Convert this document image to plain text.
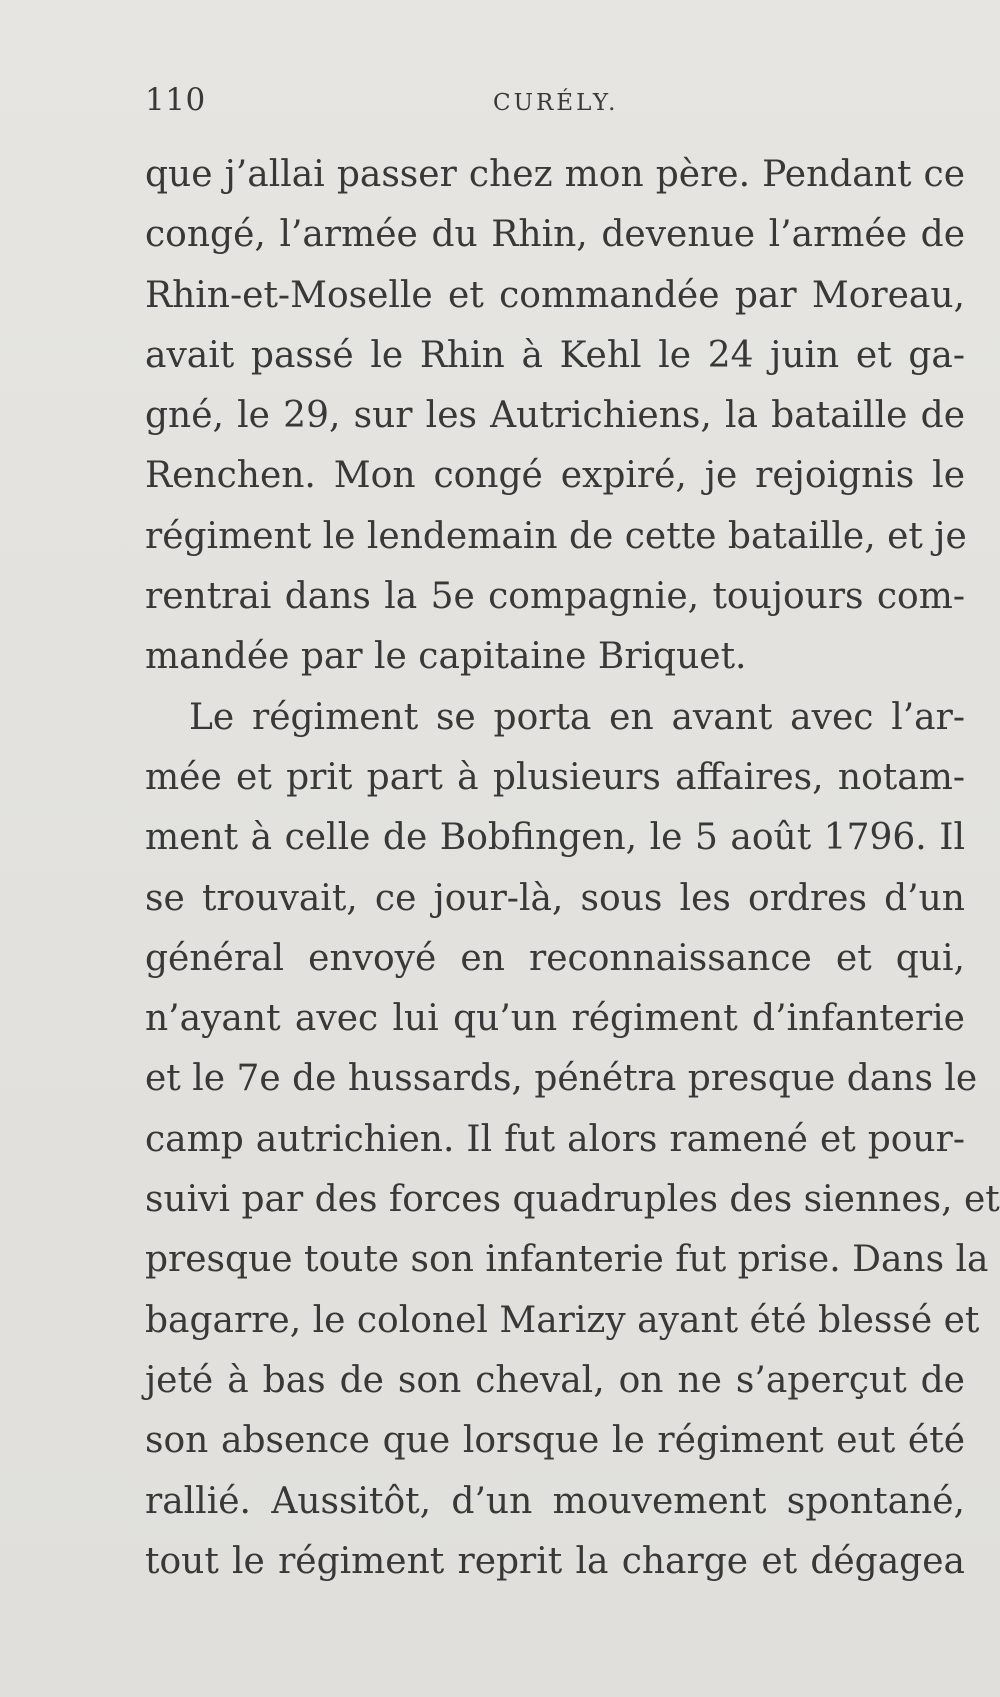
110	CURÉLY.
que j’allai passer chez mon père. Pendant ce
congé, l’armée du Rhin, devenue l’armée de
Rhin-et-Moselle et commandée par Moreau,
avait passé le Rhin à Kehl le 24 juin et ga-
gné, le 29, sur les Autrichiens, la bataille de
Renchen. Mon congé expiré, je rejoignis le
régiment le lendemain de cette bataille, et je
rentrai dans la 5e compagnie, toujours com-
mandée par le capitaine Briquet.
Le régiment se porta en avant avec l’ar-
mée et prit part à plusieurs affaires, notam-
ment à celle de Bobfingen, le 5 août 1796. Il
se trouvait, ce jour-là, sous les ordres d’un
général envoyé en reconnaissance et qui,
n’ayant avec lui qu’un régiment d’infanterie
et le 7e de hussards, pénétra presque dans le
camp autrichien. Il fut alors ramené et pour-
suivi par des forces quadruples des siennes, et
presque toute son infanterie fut prise. Dans la
bagarre, le colonel Marizy ayant été blessé et
jeté à bas de son cheval, on ne s’aperçut de
son absence que lorsque le régiment eut été
rallié. Aussitôt, d’un mouvement spontané,
tout le régiment reprit la charge et dégagea
